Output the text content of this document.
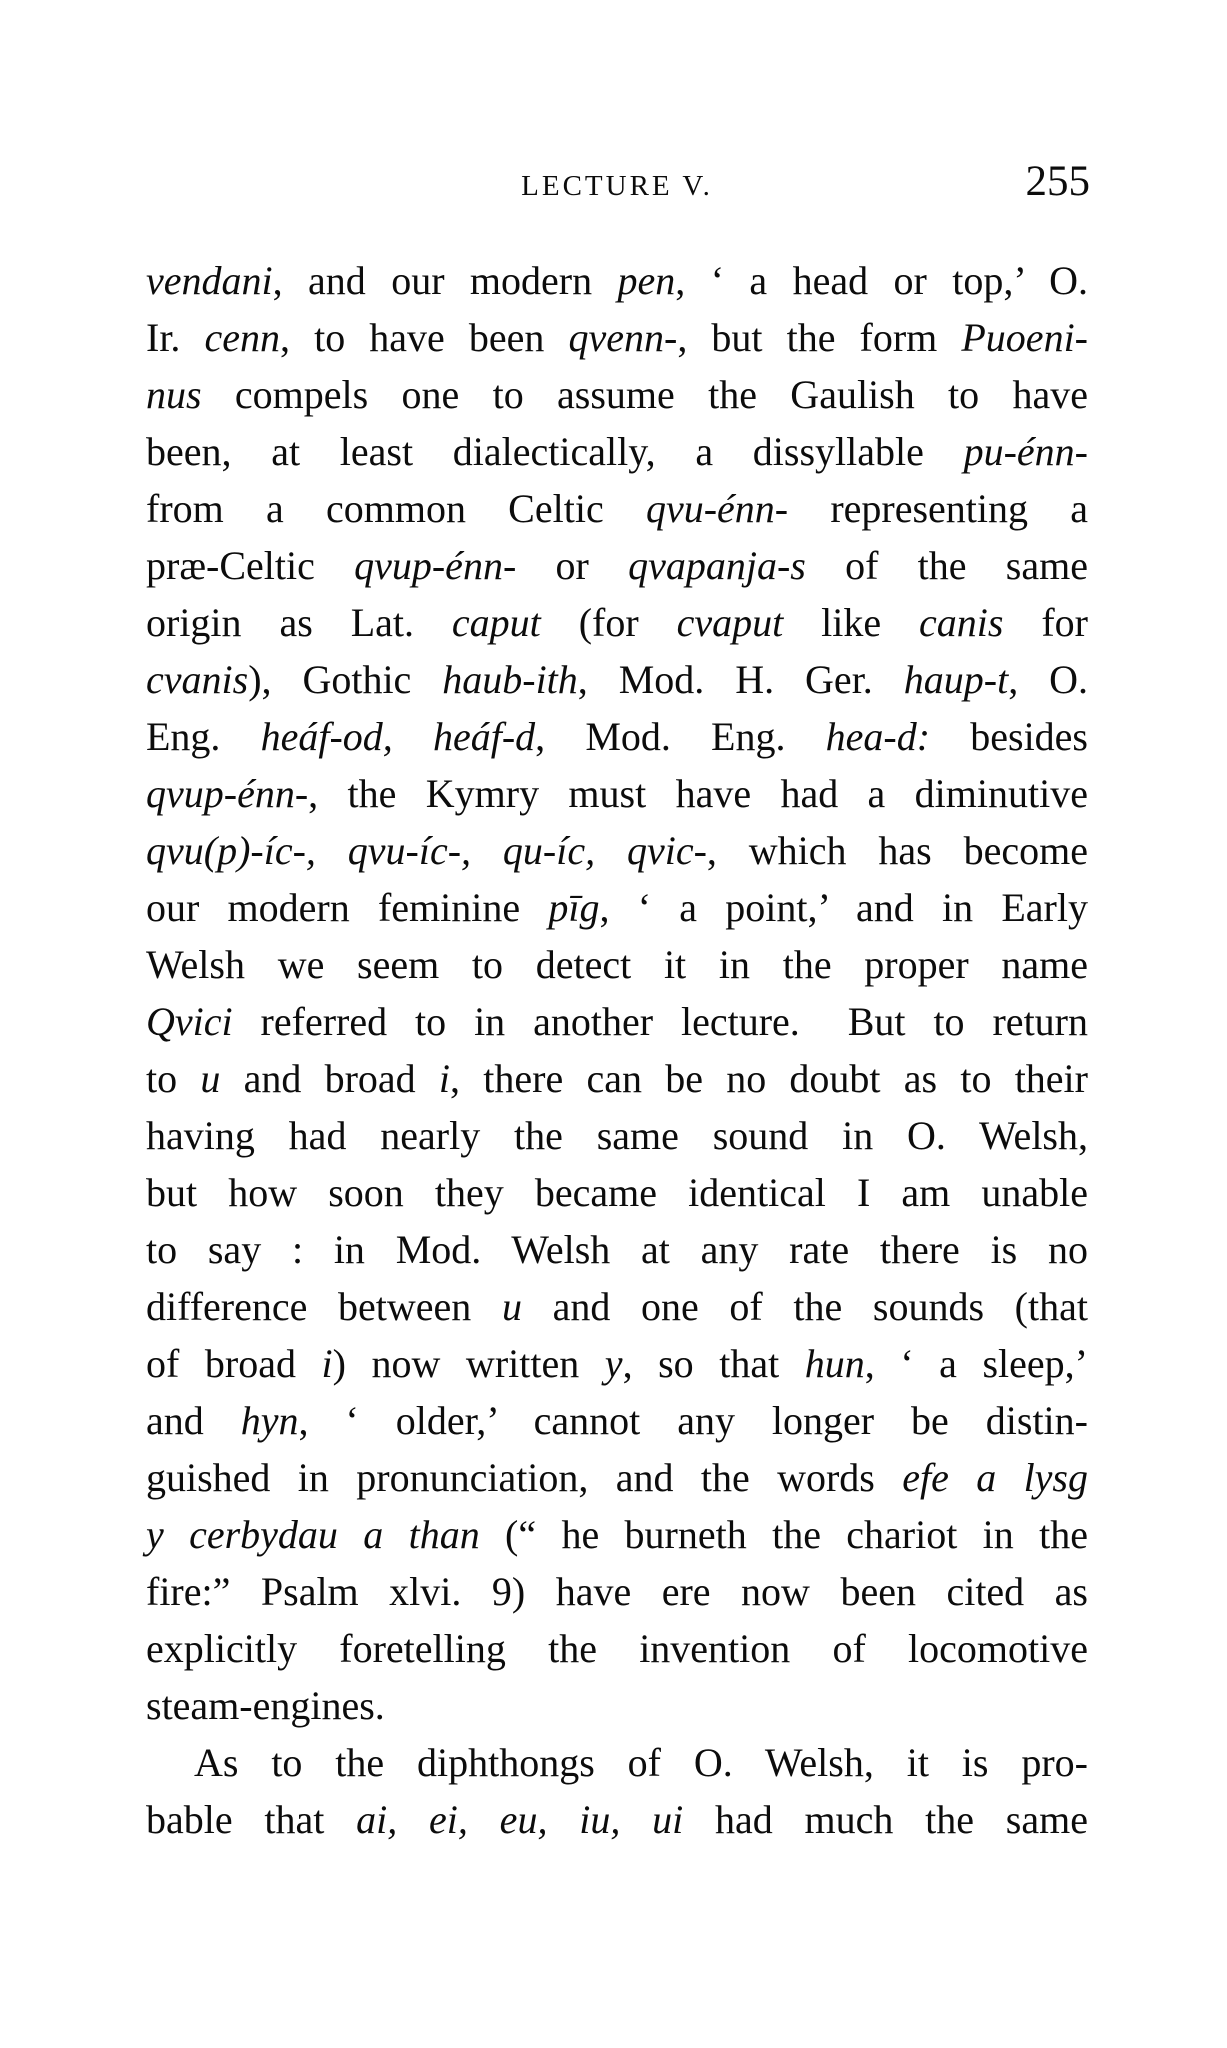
LECTURE V.	255
vendani, and our modern pen, ‘ a head or top,’ O.
Ir. cenn, to have been qvenn-, but the form Puoeni-
nus compels one to assume the Gaulish to have
been, at least dialectically, a dissyllable pu-énn-
from a common Celtic qvu-énn- representing a
præ-Celtic qvup-énn- or qvapanja-s of the same
origin as Lat. caput (for cvaput like canis for
cvanis), Gothic haub-ith, Mod. H. Ger. haup-t, O.
Eng. heáf-od, heáf-d, Mod. Eng. hea-d: besides
qvup-énn-, the Kymry must have had a diminutive
qvu(p)-íc-, qvu-íc-, qu-íc, qvic-, which has become
our modern feminine pīg, ‘ a point,’ and in Early
Welsh we seem to detect it in the proper name
Qvici referred to in another lecture.  But to return
to u and broad i, there can be no doubt as to their
having had nearly the same sound in O. Welsh,
but how soon they became identical I am unable
to say : in Mod. Welsh at any rate there is no
difference between u and one of the sounds (that
of broad i) now written y, so that hun, ‘ a sleep,’
and hyn, ‘ older,’ cannot any longer be distin-
guished in pronunciation, and the words efe a lysg
y cerbydau a than (“ he burneth the chariot in the
fire:” Psalm xlvi. 9) have ere now been cited as
explicitly foretelling the invention of locomotive
steam-engines.
As to the diphthongs of O. Welsh, it is pro-
bable that ai, ei, eu, iu, ui had much the same
